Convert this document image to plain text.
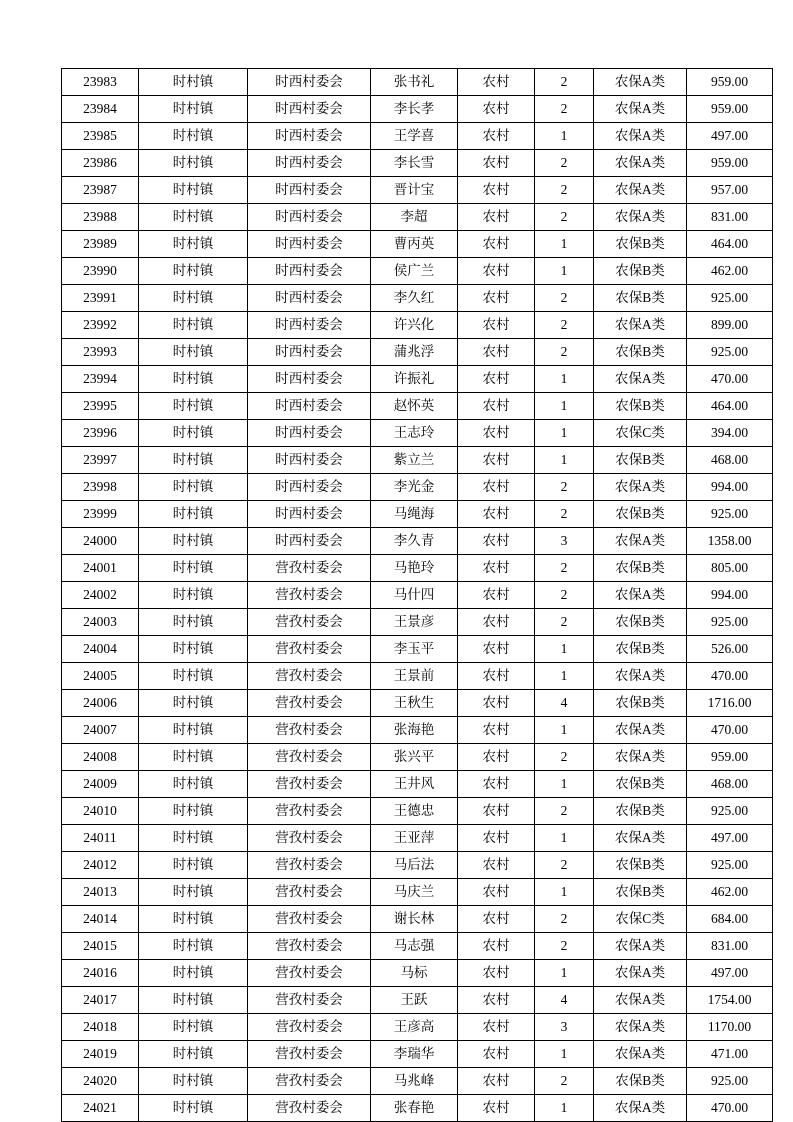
23983	时村镇	时西村委会	张书礼	农村	2	农保A类	959.00
23984	时村镇	时西村委会	李长孝	农村	2	农保A类	959.00
23985	时村镇	时西村委会	王学喜	农村	1	农保A类	497.00
23986	时村镇	时西村委会	李长雪	农村	2	农保A类	959.00
23987	时村镇	时西村委会	晋计宝	农村	2	农保A类	957.00
23988	时村镇	时西村委会	李超	农村	2	农保A类	831.00
23989	时村镇	时西村委会	曹丙英	农村	1	农保B类	464.00
23990	时村镇	时西村委会	侯广兰	农村	1	农保B类	462.00
23991	时村镇	时西村委会	李久红	农村	2	农保B类	925.00
23992	时村镇	时西村委会	许兴化	农村	2	农保A类	899.00
23993	时村镇	时西村委会	蒲兆浮	农村	2	农保B类	925.00
23994	时村镇	时西村委会	许振礼	农村	1	农保A类	470.00
23995	时村镇	时西村委会	赵怀英	农村	1	农保B类	464.00
23996	时村镇	时西村委会	王志玲	农村	1	农保C类	394.00
23997	时村镇	时西村委会	紫立兰	农村	1	农保B类	468.00
23998	时村镇	时西村委会	李光金	农村	2	农保A类	994.00
23999	时村镇	时西村委会	马绳海	农村	2	农保B类	925.00
24000	时村镇	时西村委会	李久青	农村	3	农保A类	1358.00
24001	时村镇	营孜村委会	马艳玲	农村	2	农保B类	805.00
24002	时村镇	营孜村委会	马什四	农村	2	农保A类	994.00
24003	时村镇	营孜村委会	王景彦	农村	2	农保B类	925.00
24004	时村镇	营孜村委会	李玉平	农村	1	农保B类	526.00
24005	时村镇	营孜村委会	王景前	农村	1	农保A类	470.00
24006	时村镇	营孜村委会	王秋生	农村	4	农保B类	1716.00
24007	时村镇	营孜村委会	张海艳	农村	1	农保A类	470.00
24008	时村镇	营孜村委会	张兴平	农村	2	农保A类	959.00
24009	时村镇	营孜村委会	王井风	农村	1	农保B类	468.00
24010	时村镇	营孜村委会	王德忠	农村	2	农保B类	925.00
24011	时村镇	营孜村委会	王亚萍	农村	1	农保A类	497.00
24012	时村镇	营孜村委会	马后法	农村	2	农保B类	925.00
24013	时村镇	营孜村委会	马庆兰	农村	1	农保B类	462.00
24014	时村镇	营孜村委会	谢长林	农村	2	农保C类	684.00
24015	时村镇	营孜村委会	马志强	农村	2	农保A类	831.00
24016	时村镇	营孜村委会	马标	农村	1	农保A类	497.00
24017	时村镇	营孜村委会	王跃	农村	4	农保A类	1754.00
24018	时村镇	营孜村委会	王彦高	农村	3	农保A类	1170.00
24019	时村镇	营孜村委会	李瑞华	农村	1	农保A类	471.00
24020	时村镇	营孜村委会	马兆峰	农村	2	农保B类	925.00
24021	时村镇	营孜村委会	张春艳	农村	1	农保A类	470.00
